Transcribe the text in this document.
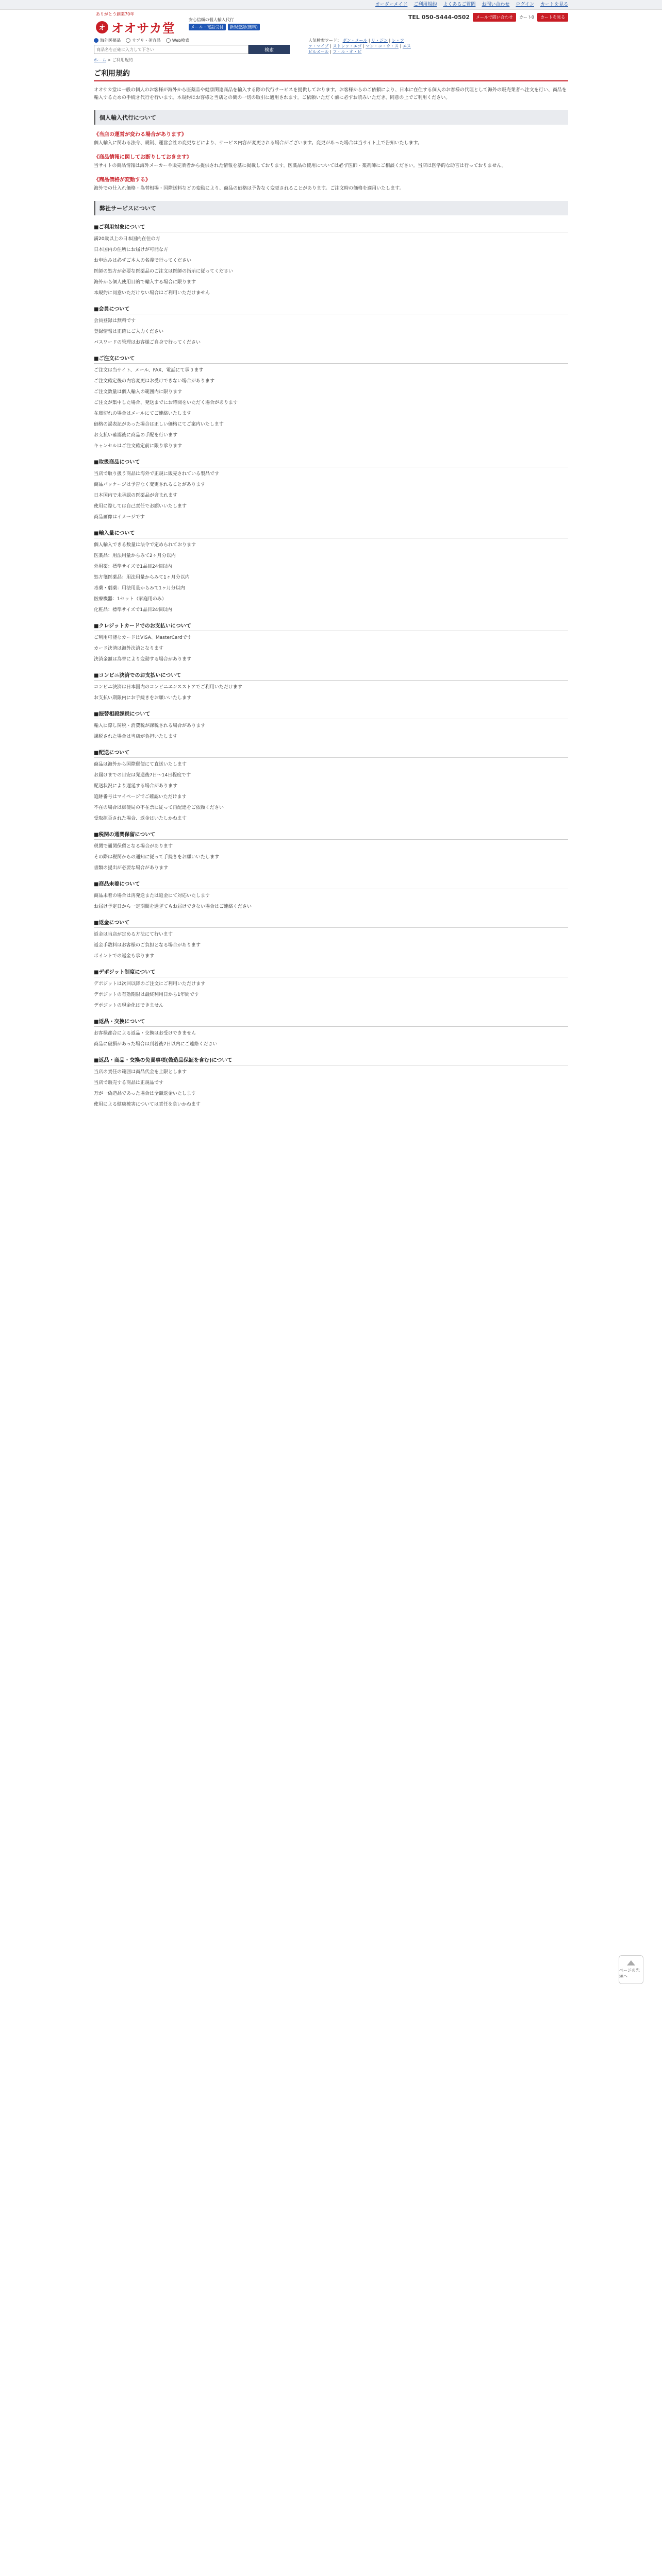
オーダーメイド ご利用規約 よくあるご質問 お問い合わせ ログイン カートを見る
ありがとう創業70年
オ オオサカ堂
安心信頼の個人輸入代行
メール・電話受付	新規登録(無料)
TEL 050-5444-0502	メールで問い合わせ	カート0	カートを見る
海外医薬品	サプリ・美容品	Web検索
商品名を正確に入力して下さい
検索
人気検索ワード： ボン・メール | リ・ジン | レ・ファ・マイプ | ストレッ・エゴ | マン・コ・ウ・ス | エスピルメール | フ・ル・オ・ビ
ホーム > ご利用規約
ご利用規約

オオサカ堂は一般の個人のお客様が海外から医薬品や健康関連商品を輸入する際の代行サービスを提供しております。お客様からのご依頼により、日本に在住する個人のお客様の代理として海外の販売業者へ注文を行い、商品を輸入するための手続き代行を行います。本規約はお客様と当店との間の一切の取引に適用されます。ご依頼いただく前に必ずお読みいただき、同意の上でご利用ください。

個人輸入代行について
《当店の運営が変わる場合があります》

個人輸入に関わる法令、規制、運営会社の変更などにより、サービス内容が変更される場合がございます。変更があった場合は当サイト上で告知いたします。

《商品情報に関してお断りしておきます》

当サイトの商品情報は海外メーカーや販売業者から提供された情報を基に掲載しております。医薬品の使用については必ず医師・薬剤師にご相談ください。当店は医学的な助言は行っておりません。

《商品価格が変動する》

海外での仕入れ価格・為替相場・国際送料などの変動により、商品の価格は予告なく変更されることがあります。ご注文時の価格を適用いたします。

弊社サービスについて
■ご利用対象について
満20歳以上の日本国内在住の方
日本国内の住所にお届けが可能な方
お申込みは必ずご本人の名義で行ってください
医師の処方が必要な医薬品のご注文は医師の指示に従ってください
海外から個人使用目的で輸入する場合に限ります
本規約に同意いただけない場合はご利用いただけません
■会員について
会員登録は無料です
登録情報は正確にご入力ください
パスワードの管理はお客様ご自身で行ってください
■ご注文について
ご注文は当サイト、メール、FAX、電話にて承ります
ご注文確定後の内容変更はお受けできない場合があります
ご注文数量は個人輸入の範囲内に限ります
ご注文が集中した場合、発送までにお時間をいただく場合があります
在庫切れの場合はメールにてご連絡いたします
価格の誤表記があった場合は正しい価格にてご案内いたします
お支払い確認後に商品の手配を行います
キャンセルはご注文確定前に限り承ります
■取扱商品について
当店で取り扱う商品は海外で正規に販売されている製品です
商品パッケージは予告なく変更されることがあります
日本国内で未承認の医薬品が含まれます
使用に際しては自己責任でお願いいたします
商品画像はイメージです
■輸入量について
個人輸入できる数量は法令で定められております
医薬品：用法用量からみて2ヶ月分以内
外用薬：標準サイズで1品目24個以内
処方箋医薬品：用法用量からみて1ヶ月分以内
毒薬・劇薬：用法用量からみて1ヶ月分以内
医療機器：1セット（家庭用のみ）
化粧品：標準サイズで1品目24個以内
■クレジットカードでのお支払いについて
ご利用可能なカードはVISA、MasterCardです
カード決済は海外決済となります
決済金額は為替により変動する場合があります
■コンビニ決済でのお支払いについて
コンビニ決済は日本国内のコンビニエンスストアでご利用いただけます
お支払い期限内にお手続きをお願いいたします
■振替相殺課税について
輸入に際し関税・消費税が課税される場合があります
課税された場合は当店が負担いたします
■配送について
商品は海外から国際郵便にて直送いたします
お届けまでの目安は発送後7日〜14日程度です
配送状況により遅延する場合があります
追跡番号はマイページでご確認いただけます
不在の場合は郵便局の不在票に従って再配達をご依頼ください
受取拒否された場合、返金はいたしかねます
■税関の通関保留について
税関で通関保留となる場合があります
その際は税関からの通知に従って手続きをお願いいたします
書類の提出が必要な場合があります
■商品未着について
商品未着の場合は再発送または返金にて対応いたします
お届け予定日から一定期間を過ぎてもお届けできない場合はご連絡ください
■返金について
返金は当店が定める方法にて行います
返金手数料はお客様のご負担となる場合があります
ポイントでの返金も承ります
■デポジット制度について
デポジットは次回以降のご注文にご利用いただけます
デポジットの有効期限は最終利用日から1年間です
デポジットの現金化はできません
■返品・交換について
お客様都合による返品・交換はお受けできません
商品に破損があった場合は到着後7日以内にご連絡ください
■返品・商品・交換の免責事項(偽造品保証を含む)について
当店の責任の範囲は商品代金を上限とします
当店で販売する商品は正規品です
万が一偽造品であった場合は全額返金いたします
使用による健康被害については責任を負いかねます
ページの先頭へ
